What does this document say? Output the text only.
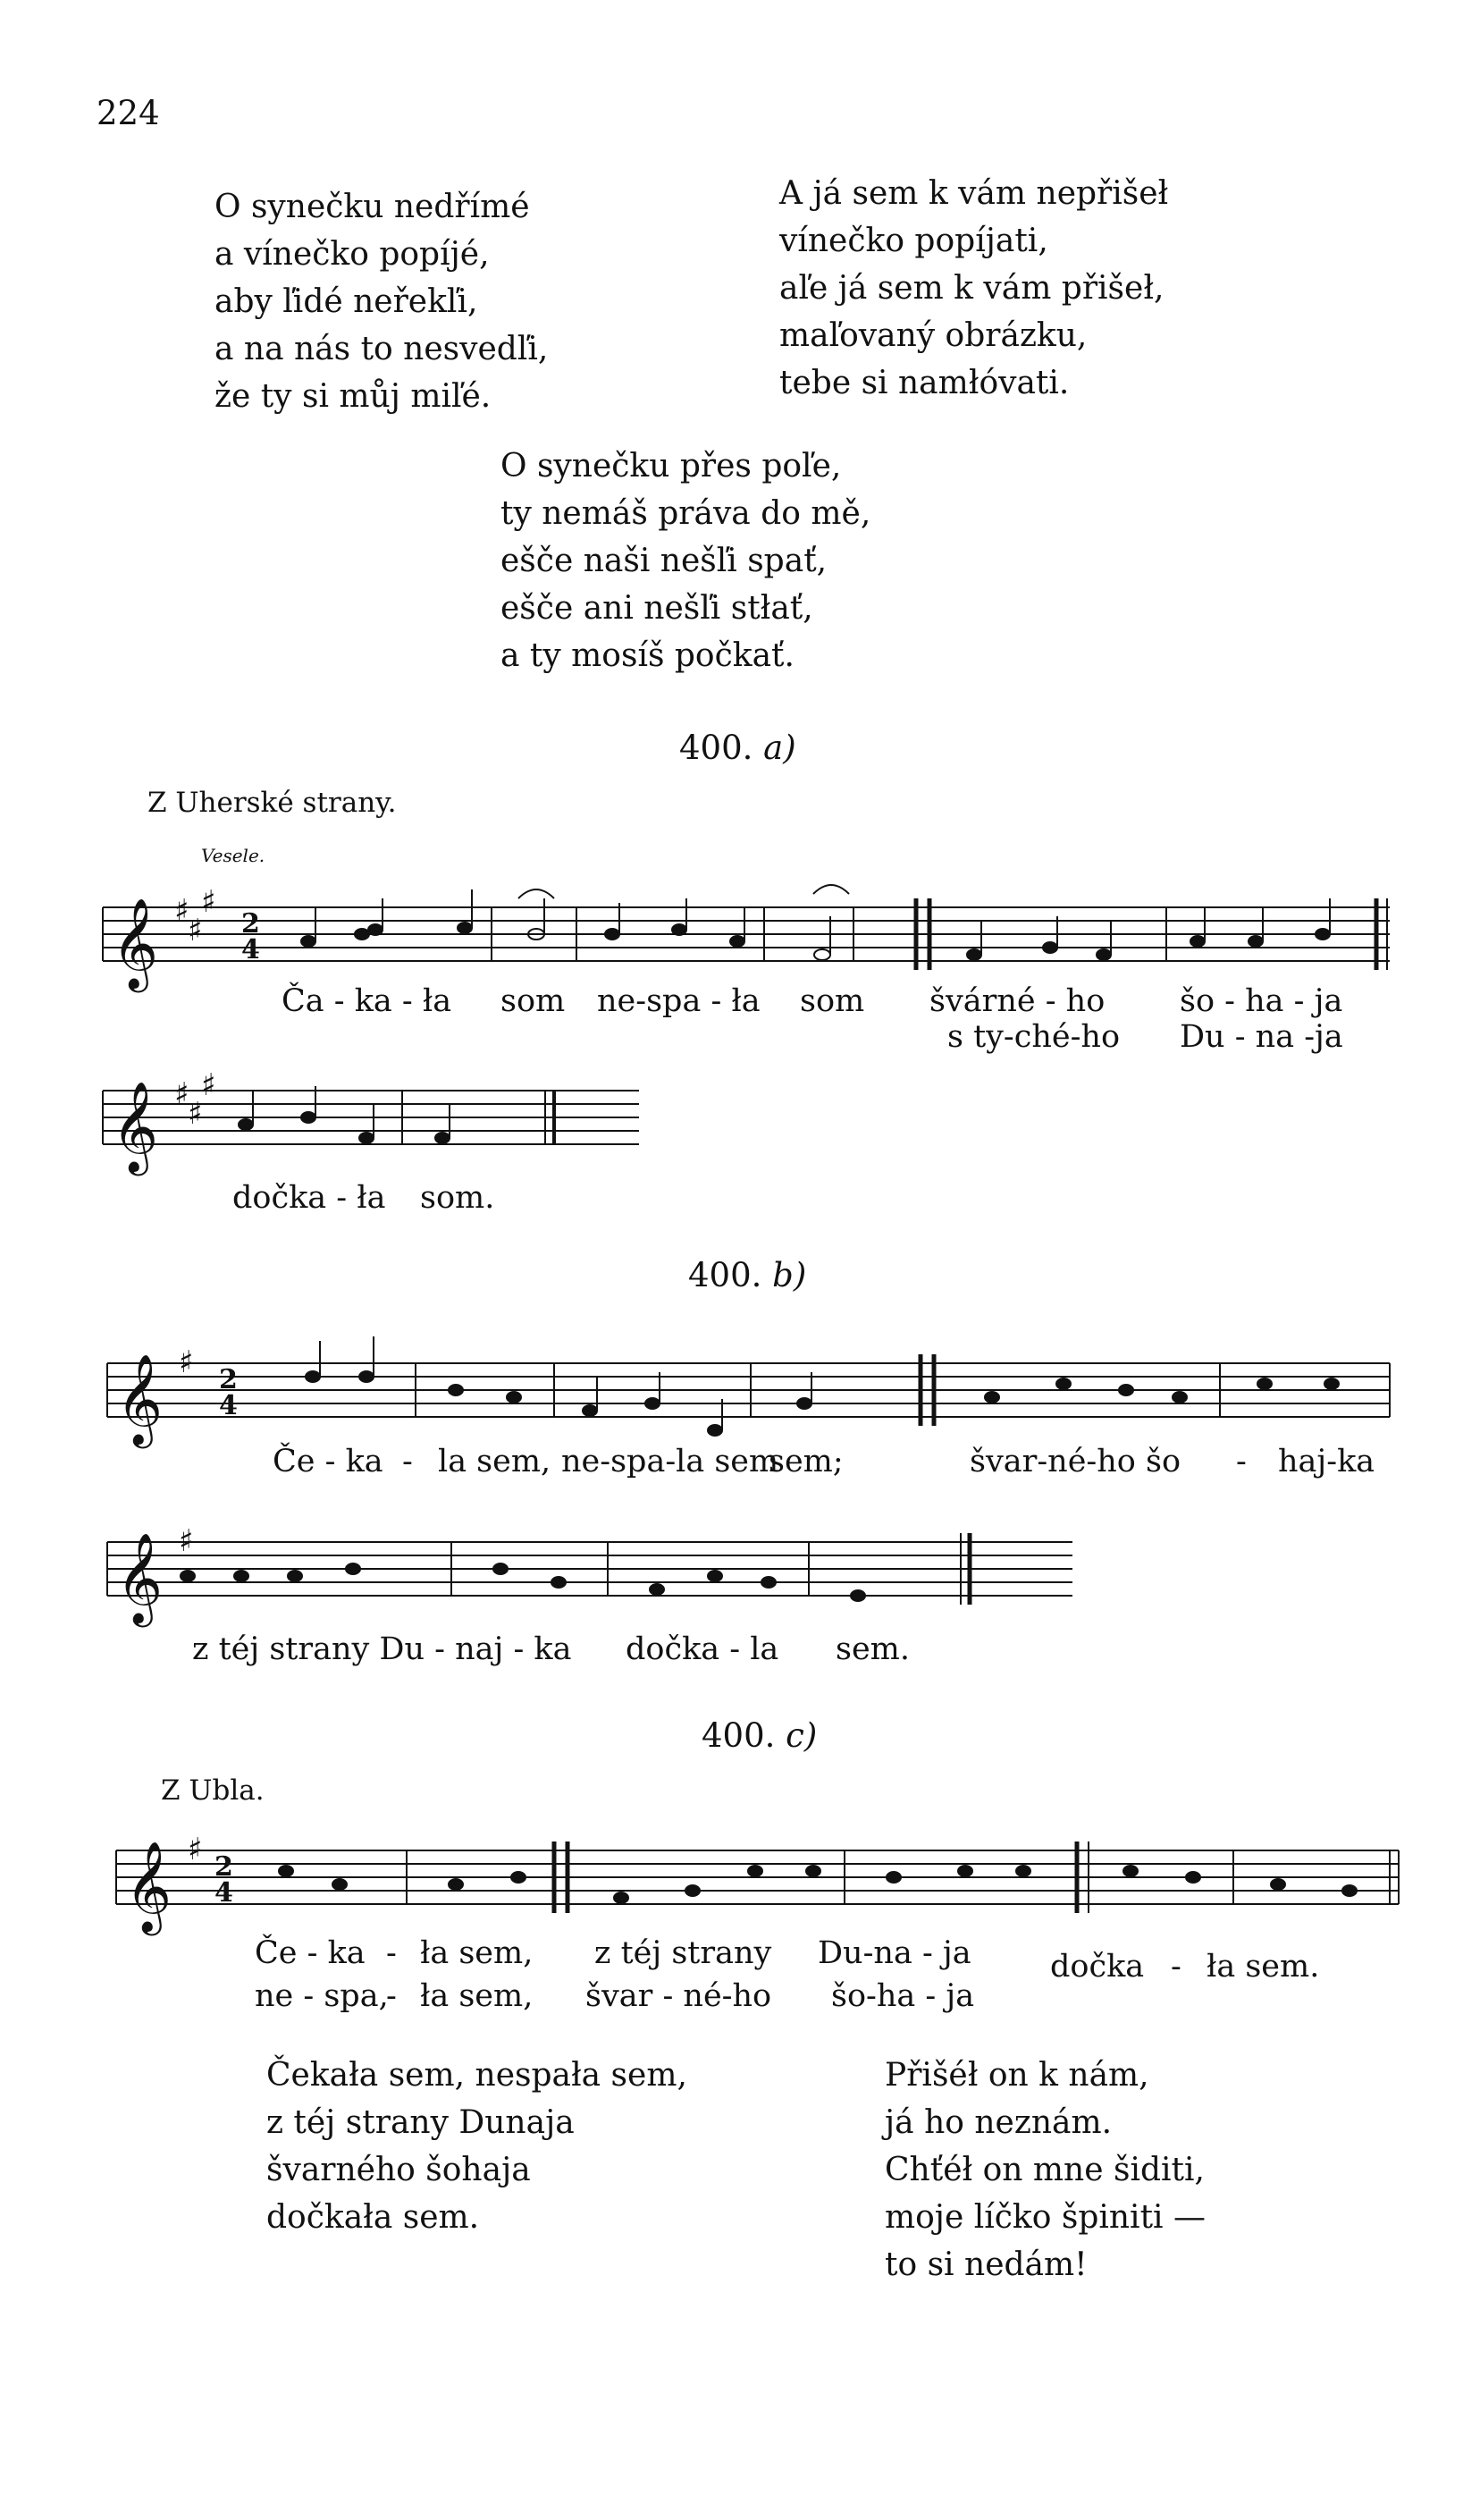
224
O synečku nedřímé
a vínečko popíjé,
aby ľidé neřekľi,
a na nás to nesvedľi,
že ty si můj miľé.
A já sem k vám nepřišeł
vínečko popíjati,
aľe já sem k vám přišeł,
maľovaný obrázku,
tebe si namłóvati.
O synečku přes poľe,
ty nemáš práva do mě,
ešče naši nešľi spať,
ešče ani nešľi stłať,
a ty mosíš počkať.
400. a)
Z Uherské strany.
Vesele.
𝄞
𝄞
𝄞
𝄞
𝄞
♯
♯
♯
♯
♯
♯
♯
♯
♯
2
4
2
4
2
4
Ča - ka - ła som ne-spa - ła som švárné - ho šo - ha - ja
s ty-ché-ho Du - na -ja
dočka - ła som.
400. b)
Če - ka - la sem, ne-spa-la sem
sem;	švar-né-ho šo - haj-ka
z téj strany Du - naj - ka dočka - la sem.
400. c)
Z Ubla.
Če - ka - ła sem, z téj strany Du-na - ja	dočka - ła sem.
ne - spa,
- ła sem, švar - né-ho šo-ha - ja
Čekała sem, nespała sem,
z téj strany Dunaja
švarného šohaja
dočkała sem.
Přišéł on k nám,
já ho neznám.
Chťéł on mne šiditi,
moje líčko špiniti —
to si nedám!
